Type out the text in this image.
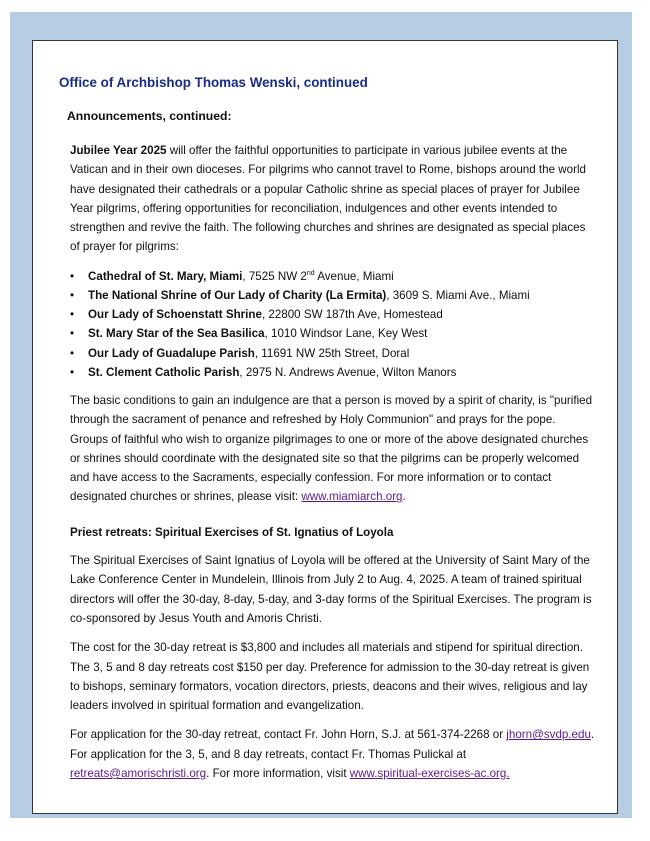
Office of Archbishop Thomas Wenski, continued
Announcements, continued:

Jubilee Year 2025 will offer the faithful opportunities to participate in various jubilee events at the Vatican and in their own dioceses. For pilgrims who cannot travel to Rome, bishops around the world have designated their cathedrals or a popular Catholic shrine as special places of prayer for Jubilee Year pilgrims, offering opportunities for reconciliation, indulgences and other events intended to strengthen and revive the faith. The following churches and shrines are designated as special places of prayer for pilgrims:

• Cathedral of St. Mary, Miami, 7525 NW 2nd Avenue, Miami
• The National Shrine of Our Lady of Charity (La Ermita), 3609 S. Miami Ave., Miami
• Our Lady of Schoenstatt Shrine, 22800 SW 187th Ave, Homestead
• St. Mary Star of the Sea Basilica, 1010 Windsor Lane, Key West
• Our Lady of Guadalupe Parish, 11691 NW 25th Street, Doral
• St. Clement Catholic Parish, 2975 N. Andrews Avenue, Wilton Manors

The basic conditions to gain an indulgence are that a person is moved by a spirit of charity, is "purified through the sacrament of penance and refreshed by Holy Communion" and prays for the pope. Groups of faithful who wish to organize pilgrimages to one or more of the above designated churches or shrines should coordinate with the designated site so that the pilgrims can be properly welcomed and have access to the Sacraments, especially confession. For more information or to contact designated churches or shrines, please visit: www.miamiarch.org.

Priest retreats: Spiritual Exercises of St. Ignatius of Loyola

The Spiritual Exercises of Saint Ignatius of Loyola will be offered at the University of Saint Mary of the Lake Conference Center in Mundelein, Illinois from July 2 to Aug. 4, 2025. A team of trained spiritual directors will offer the 30-day, 8-day, 5-day, and 3-day forms of the Spiritual Exercises. The program is co-sponsored by Jesus Youth and Amoris Christi.

The cost for the 30-day retreat is $3,800 and includes all materials and stipend for spiritual direction. The 3, 5 and 8 day retreats cost $150 per day. Preference for admission to the 30-day retreat is given to bishops, seminary formators, vocation directors, priests, deacons and their wives, religious and lay leaders involved in spiritual formation and evangelization.

For application for the 30-day retreat, contact Fr. John Horn, S.J. at 561-374-2268 or jhorn@svdp.edu. For application for the 3, 5, and 8 day retreats, contact Fr. Thomas Pulickal at retreats@amorischristi.org. For more information, visit www.spiritual-exercises-ac.org.
